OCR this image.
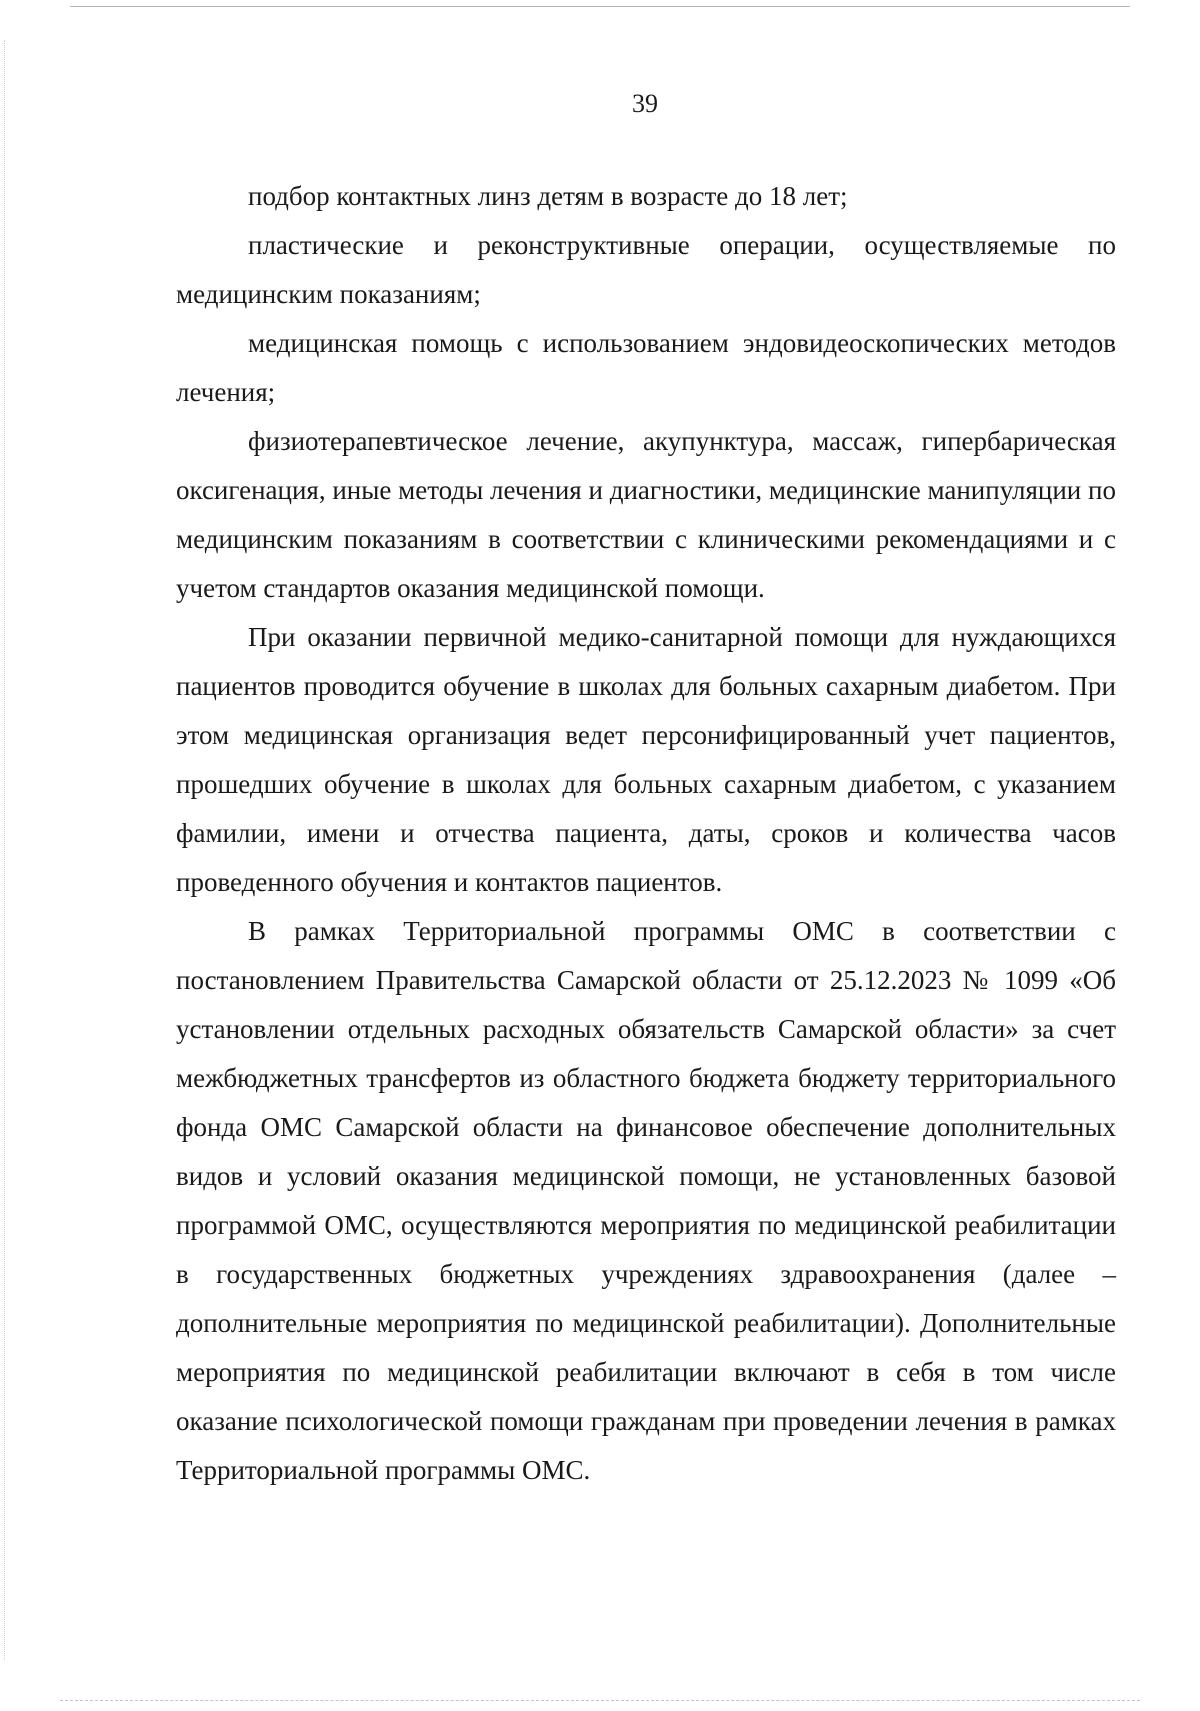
39

подбор контактных линз детям в возрасте до 18 лет;

пластические и реконструктивные операции, осуществляемые по медицинским показаниям;

медицинская помощь с использованием эндовидеоскопических методов лечения;

физиотерапевтическое лечение, акупунктура, массаж, гипербарическая оксигенация, иные методы лечения и диагностики, медицинские манипуляции по медицинским показаниям в соответствии с клиническими рекомендациями и с учетом стандартов оказания медицинской помощи.

При оказании первичной медико-санитарной помощи для нуждающихся пациентов проводится обучение в школах для больных сахарным диабетом. При этом медицинская организация ведет персонифицированный учет пациентов, прошедших обучение в школах для больных сахарным диабетом, с указанием фамилии, имени и отчества пациента, даты, сроков и количества часов проведенного обучения и контактов пациентов.

В рамках Территориальной программы ОМС в соответствии с постановлением Правительства Самарской области от 25.12.2023 № 1099 «Об установлении отдельных расходных обязательств Самарской области» за счет межбюджетных трансфертов из областного бюджета бюджету территориального фонда ОМС Самарской области на финансовое обеспечение дополнительных видов и условий оказания медицинской помощи, не установленных базовой программой ОМС, осуществляются мероприятия по медицинской реабилитации в государственных бюджетных учреждениях здравоохранения (далее – дополнительные мероприятия по медицинской реабилитации). Дополнительные мероприятия по медицинской реабилитации включают в себя в том числе оказание психологической помощи гражданам при проведении лечения в рамках Территориальной программы ОМС.
